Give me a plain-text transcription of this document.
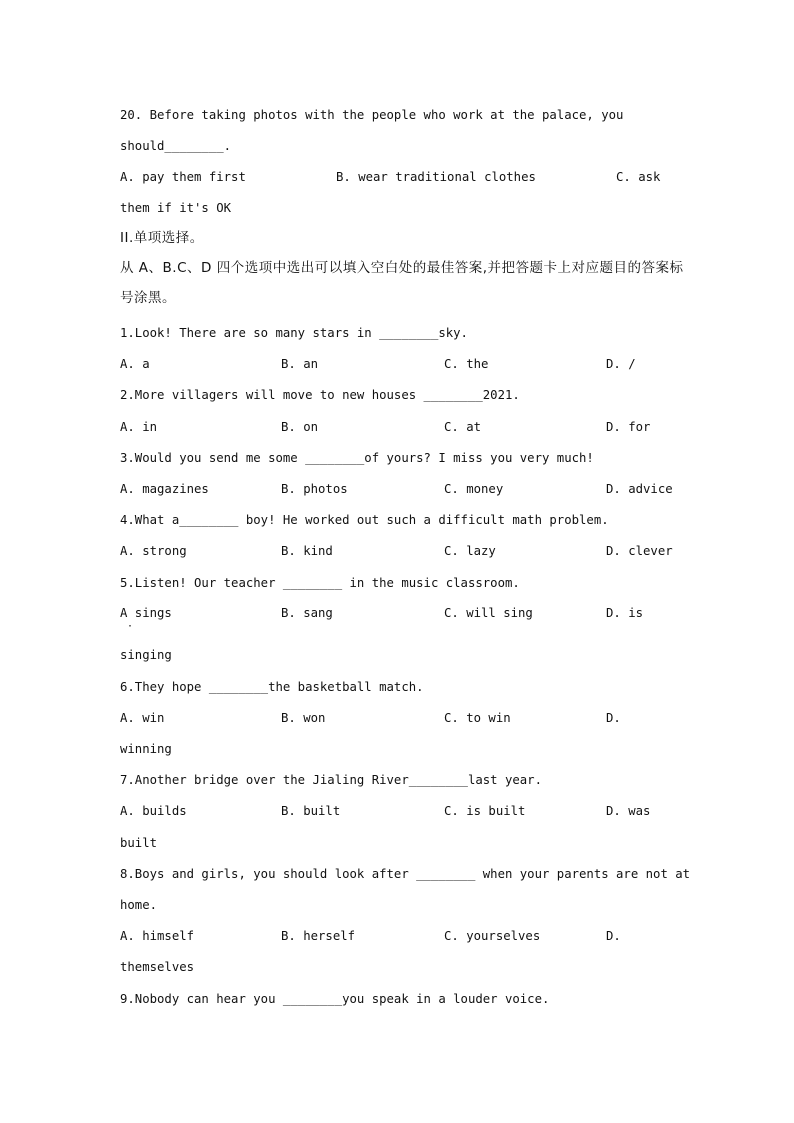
20. Before taking photos with the people who work at the palace, you
should________.
A. pay them first	B. wear traditional clothes	C. ask
them if it's OK
II.单项选择。
从 A、B.C、D 四个选项中选出可以填入空白处的最佳答案,并把答题卡上对应题目的答案标
号涂黑。
1.Look! There are so many stars in ________sky.
A. a	B. an	C. the	D. /
2.More villagers will move to new houses ________2021.
A. in	B. on	C. at	D. for
3.Would you send me some ________of yours? I miss you very much!
A. magazines	B. photos	C. money	D. advice
4.What a________ boy! He worked out such a difficult math problem.
A. strong	B. kind	C. lazy	D. clever
5.Listen! Our teacher ________ in the music classroom.
A sings
·
B. sang	C. will sing	D. is
singing
6.They hope ________the basketball match.
A. win	B. won	C. to win	D.
winning
7.Another bridge over the Jialing River________last year.
A. builds	B. built	C. is built	D. was
built
8.Boys and girls, you should look after ________ when your parents are not at
home.
A. himself	B. herself	C. yourselves	D.
themselves
9.Nobody can hear you ________you speak in a louder voice.
